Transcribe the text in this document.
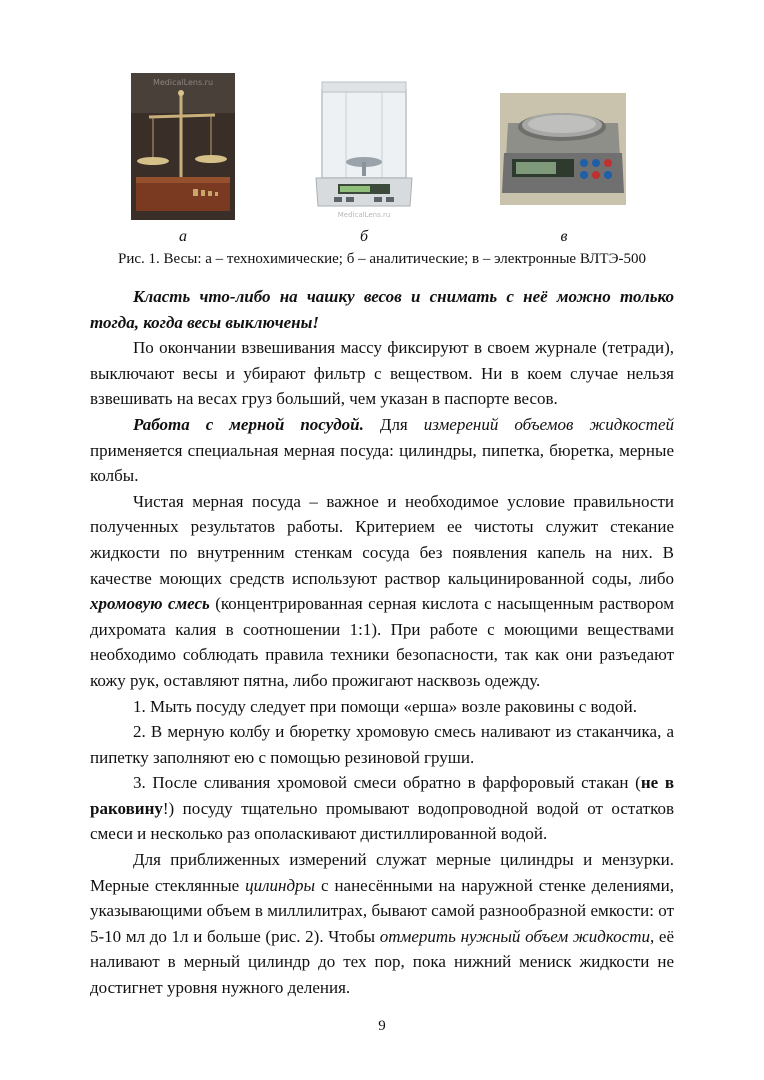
MedicalLens.ru
MedicalLens.ru
а	б	в
Рис. 1. Весы: а – технохимические; б – аналитические; в – электронные ВЛТЭ-500

Класть что-либо на чашку весов и снимать с неё можно только тогда, когда весы выключены!

По окончании взвешивания массу фиксируют в своем журнале (тетради), выключают весы и убирают фильтр с веществом. Ни в коем случае нельзя взвешивать на весах груз больший, чем указан в паспорте весов.

Работа с мерной посудой. Для измерений объемов жидкостей применяется специальная мерная посуда: цилиндры, пипетка, бюретка, мерные колбы.

Чистая мерная посуда – важное и необходимое условие правильности полученных результатов работы. Критерием ее чистоты служит стекание жидкости по внутренним стенкам сосуда без появления капель на них. В качестве моющих средств используют раствор кальцинированной соды, либо хромовую смесь (концентрированная серная кислота с насыщенным раствором дихромата калия в соотношении 1:1). При работе с моющими веществами необходимо соблюдать правила техники безопасности, так как они разъедают кожу рук, оставляют пятна, либо прожигают насквозь одежду.

1. Мыть посуду следует при помощи «ерша» возле раковины с водой.

2. В мерную колбу и бюретку хромовую смесь наливают из стаканчика, а пипетку заполняют ею с помощью резиновой груши.

3. После сливания хромовой смеси обратно в фарфоровый стакан (не в раковину!) посуду тщательно промывают водопроводной водой от остатков смеси и несколько раз ополаскивают дистиллированной водой.

Для приближенных измерений служат мерные цилиндры и мензурки. Мерные стеклянные цилиндры с нанесёнными на наружной стенке делениями, указывающими объем в миллилитрах, бывают самой разнообразной емкости: от 5-10 мл до 1л и больше (рис. 2). Чтобы отмерить нужный объем жидкости, её наливают в мерный цилиндр до тех пор, пока нижний мениск жидкости не достигнет уровня нужного деления.

9
